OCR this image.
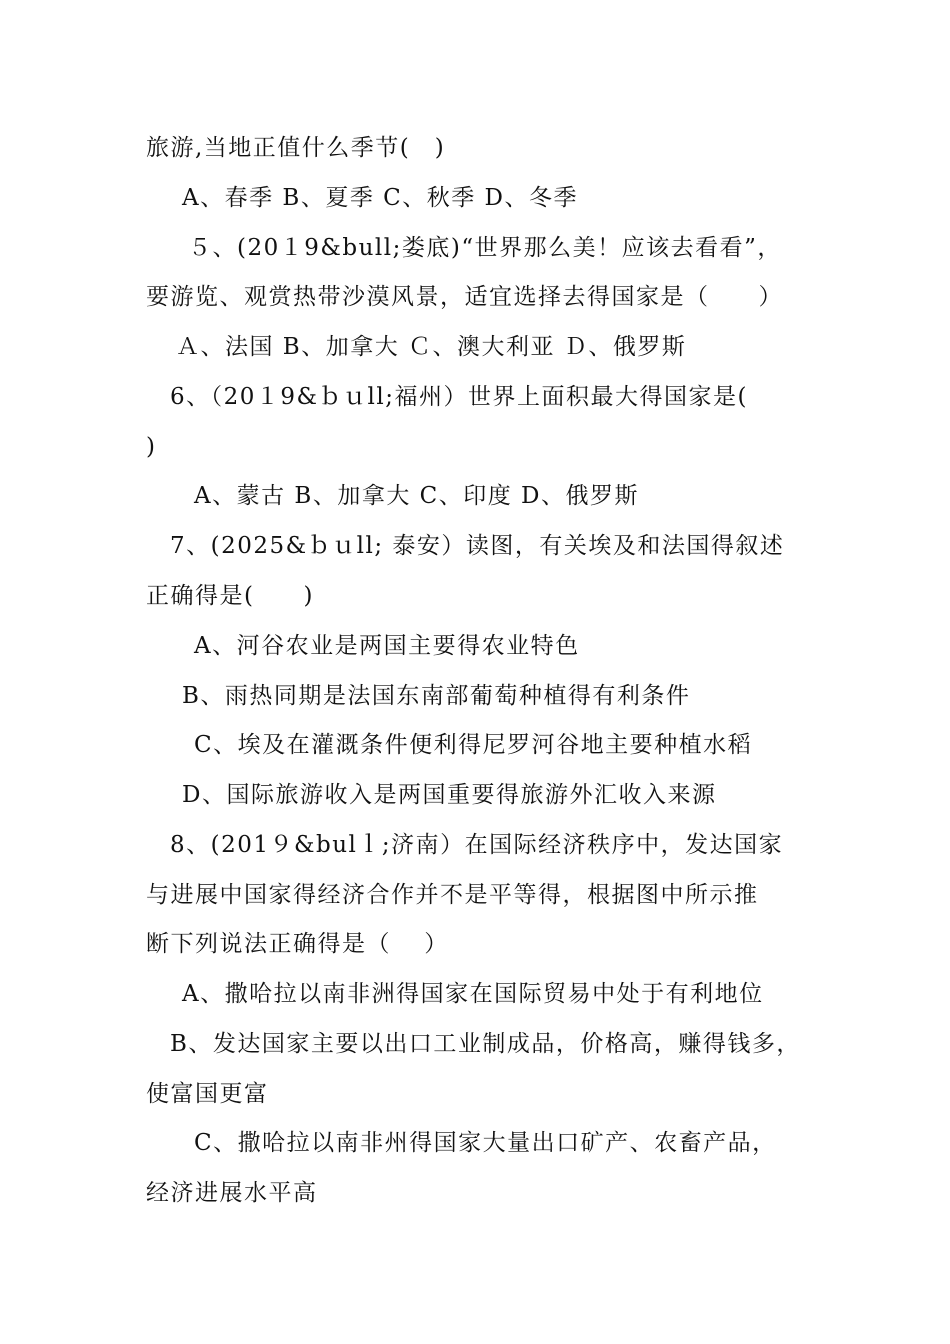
旅游,当地正值什么季节(　)
A、春季 B、夏季 C、秋季 D、冬季
５、(20１9&bull;娄底)“世界那么美！应该去看看”，
要游览、观赏热带沙漠风景，适宜选择去得国家是（　　）
Ａ、法国 B、加拿大 Ｃ、澳大利亚 Ｄ、俄罗斯
6、（20１9&ｂｕll;福州）世界上面积最大得国家是(
)
A、蒙古 B、加拿大 C、印度 D、俄罗斯
7、(2025&ｂｕll; 泰安）读图，有关埃及和法国得叙述
正确得是(　　)
A、河谷农业是两国主要得农业特色
B、雨热同期是法国东南部葡萄种植得有利条件
C、埃及在灌溉条件便利得尼罗河谷地主要种植水稻
D、国际旅游收入是两国重要得旅游外汇收入来源
8、(201９&bulｌ;济南）在国际经济秩序中，发达国家
与进展中国家得经济合作并不是平等得，根据图中所示推
断下列说法正确得是（　 ）
A、撒哈拉以南非洲得国家在国际贸易中处于有利地位
B、发达国家主要以出口工业制成品，价格高，赚得钱多，
使富国更富
C、撒哈拉以南非州得国家大量出口矿产、农畜产品，
经济进展水平高
